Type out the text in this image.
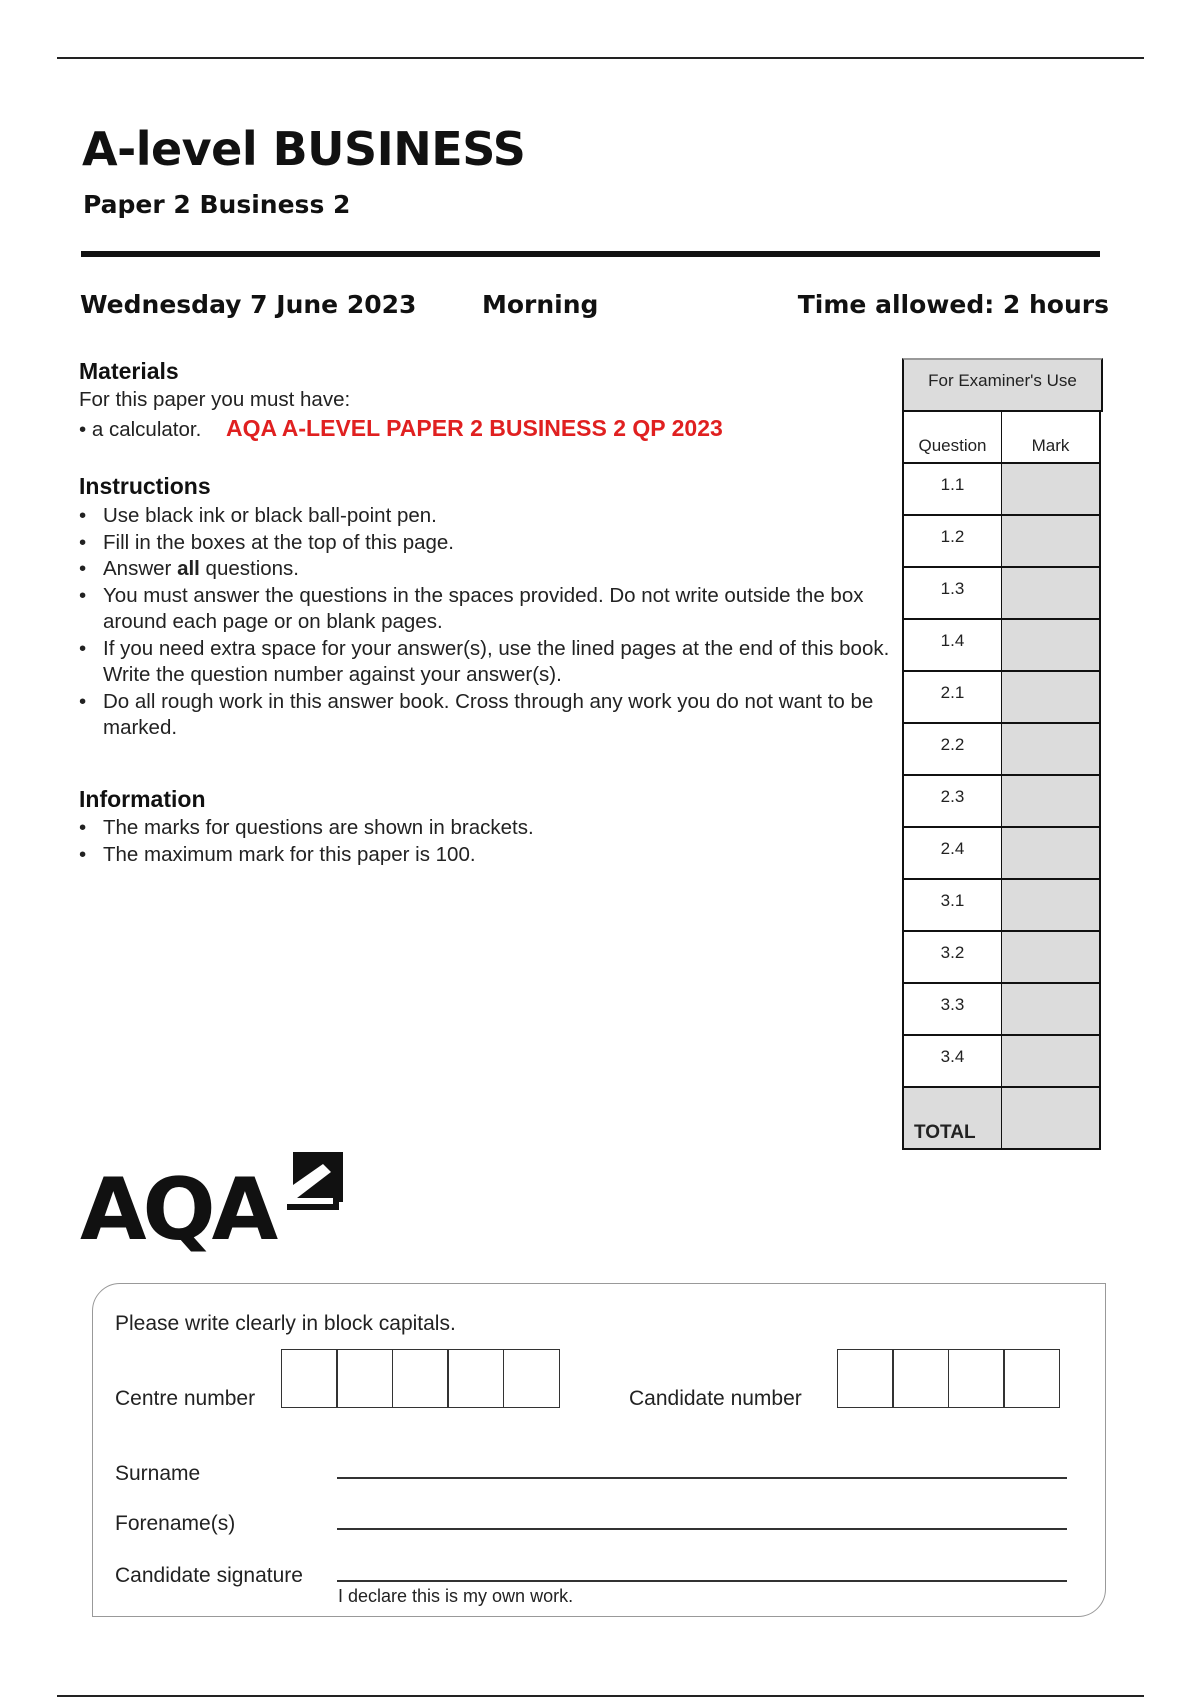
A-level BUSINESS
Paper 2 Business 2
Wednesday 7 June 2023	Morning	Time allowed: 2 hours
Materials
For this paper you must have:
• a calculator. AQA A-LEVEL PAPER 2 BUSINESS 2 QP 2023
Instructions
• Use black ink or black ball-point pen.
• Fill in the boxes at the top of this page.
• Answer all questions.
• You must answer the questions in the spaces provided. Do not write outside the box around each page or on blank pages.
• If you need extra space for your answer(s), use the lined pages at the end of this book. Write the question number against your answer(s).
• Do all rough work in this answer book. Cross through any work you do not want to be marked.
Information
• The marks for questions are shown in brackets.
• The maximum mark for this paper is 100.
For Examiner's Use
Question	Mark
1.1
1.2
1.3
1.4
2.1
2.2
2.3
2.4
3.1
3.2
3.3
3.4
TOTAL
AQA
Please write clearly in block capitals.
Centre number	Candidate number
Surname
Forename(s)
Candidate signature
I declare this is my own work.
